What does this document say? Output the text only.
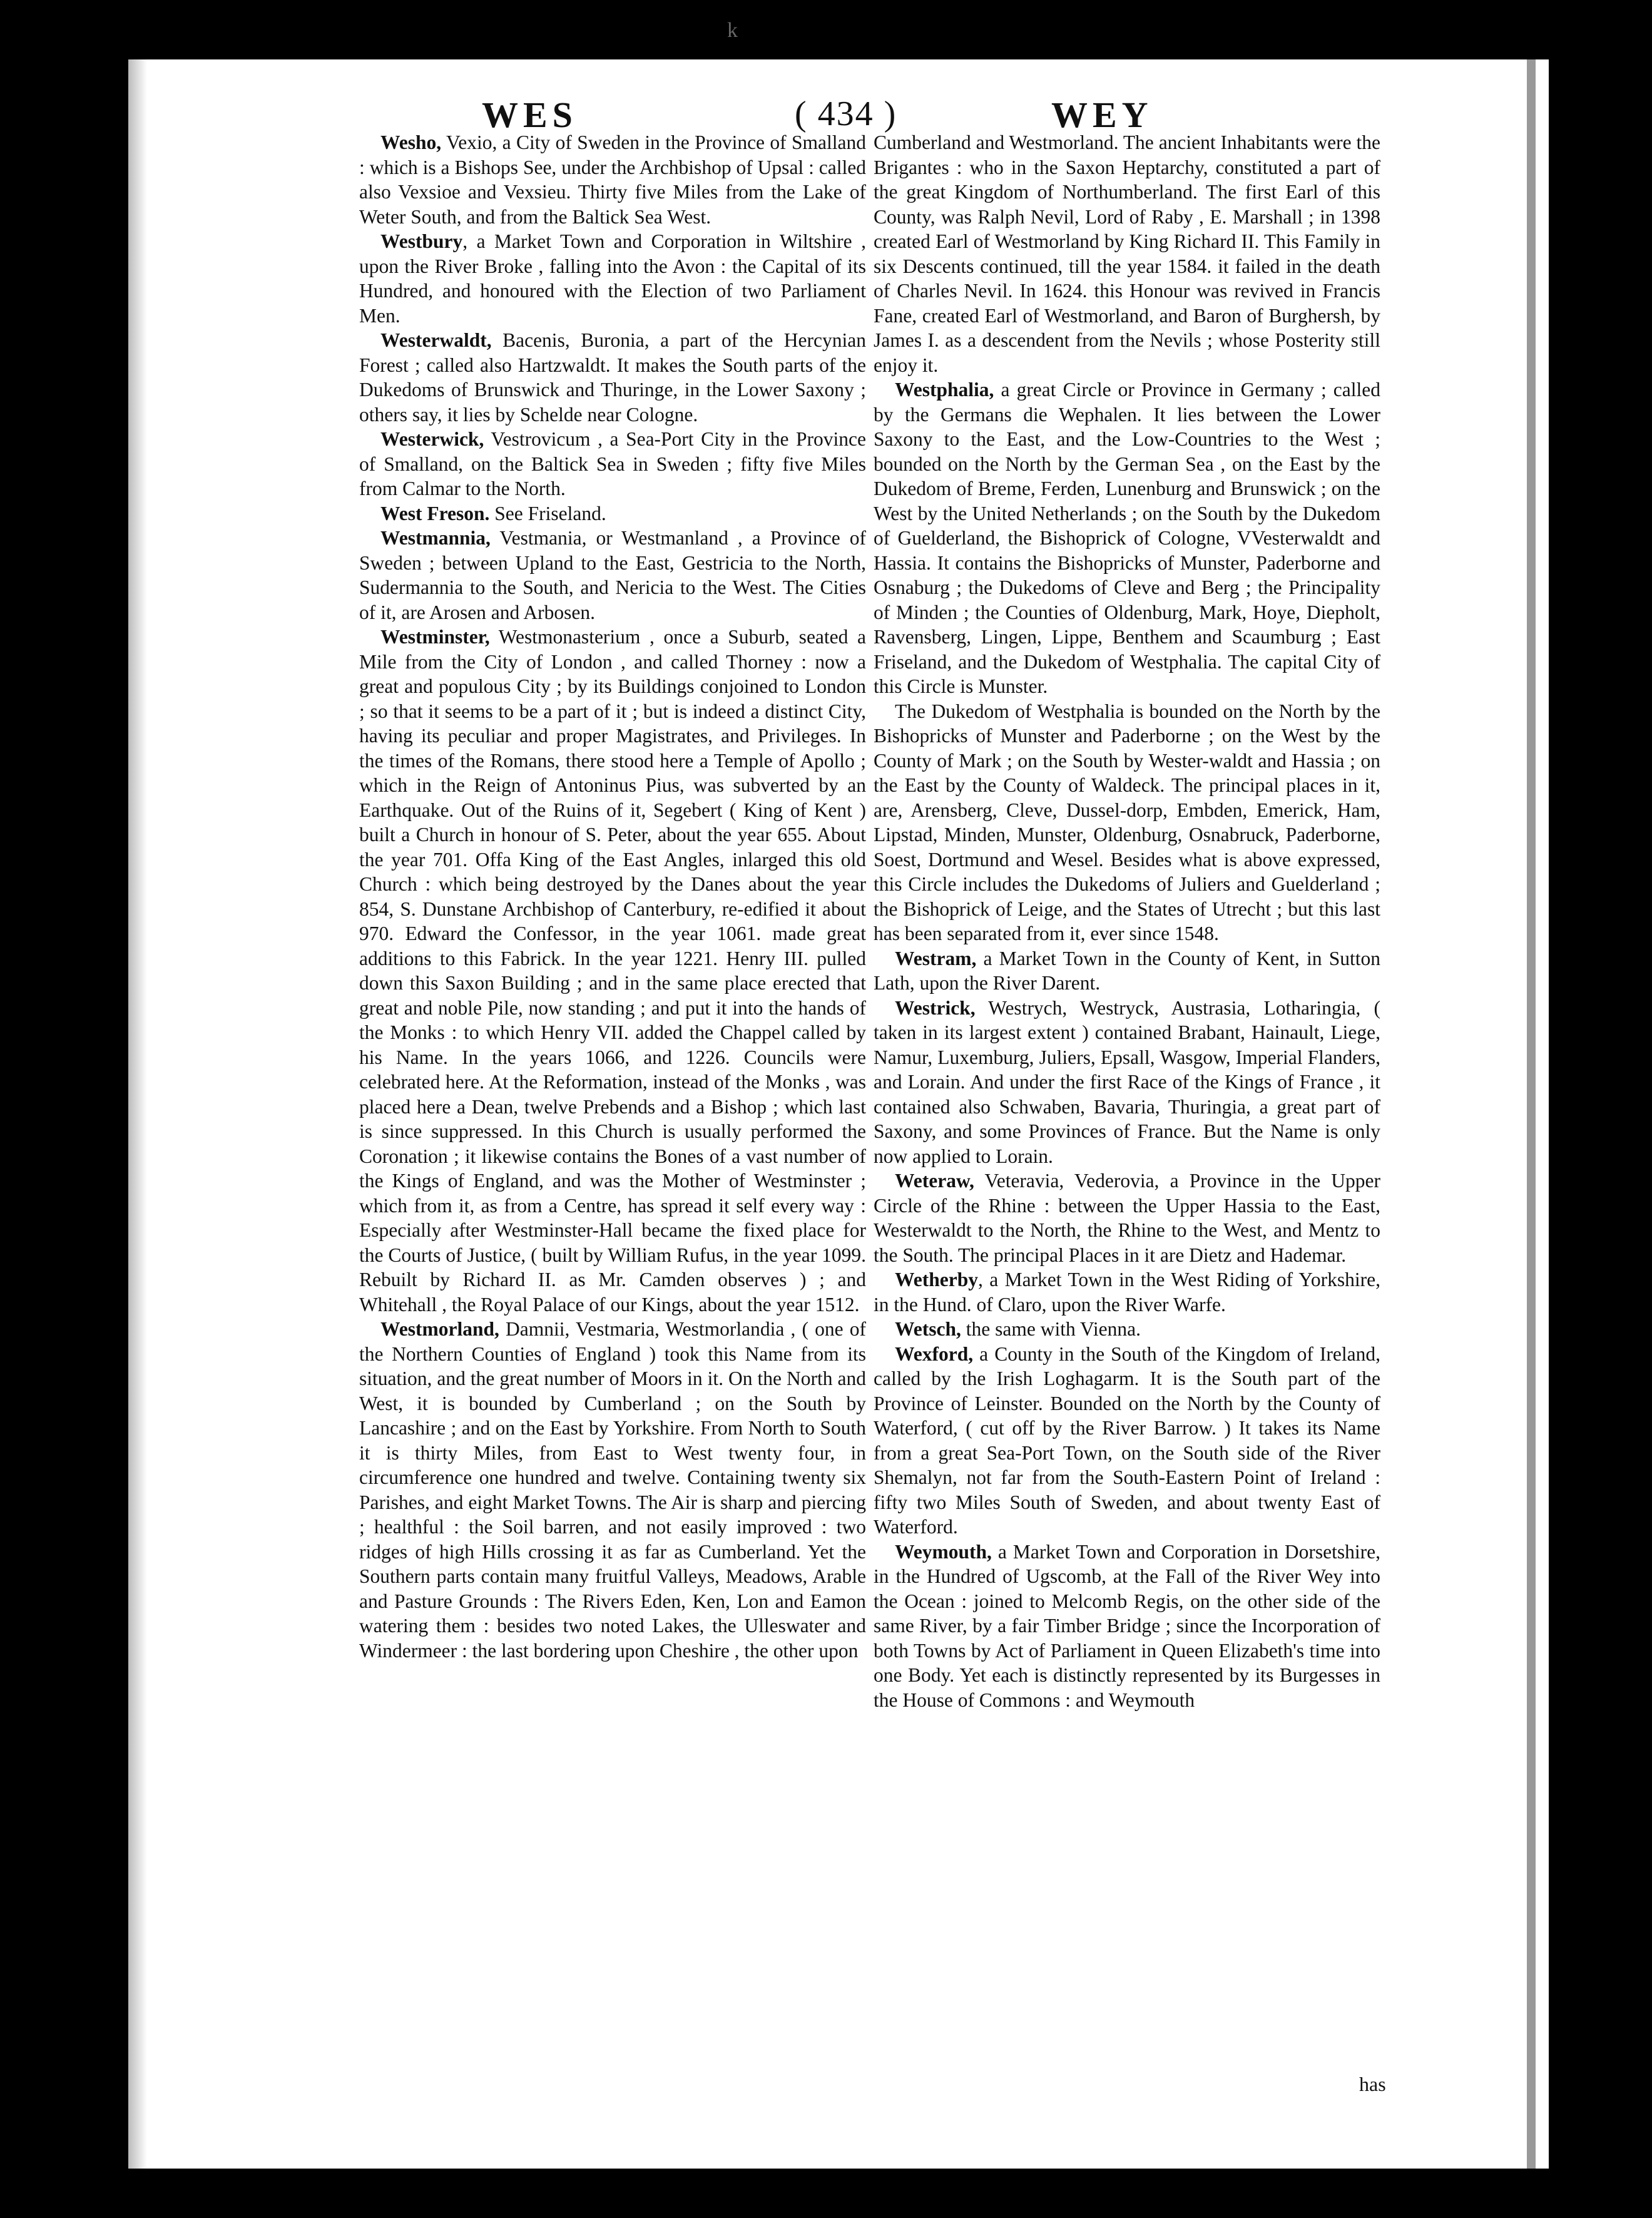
k
WES	( 434 )	WEY

Wesho, Vexio, a City of Sweden in the Province of Smalland : which is a Bishops See, under the Archbishop of Upsal : called also Vexsioe and Vexsieu. Thirty five Miles from the Lake of Weter South, and from the Baltick Sea West.

Westbury, a Market Town and Corporation in Wiltshire , upon the River Broke , falling into the Avon : the Capital of its Hundred, and honoured with the Election of two Parliament Men.

Westerwaldt, Bacenis, Buronia, a part of the Hercynian Forest ; called also Hartzwaldt. It makes the South parts of the Dukedoms of Brunswick and Thuringe, in the Lower Saxony ; others say, it lies by Schelde near Cologne.

Westerwick, Vestrovicum , a Sea-Port City in the Province of Smalland, on the Baltick Sea in Sweden ; fifty five Miles from Calmar to the North.

West Freson. See Friseland.

Westmannia, Vestmania, or Westmanland , a Province of Sweden ; between Upland to the East, Gestricia to the North, Sudermannia to the South, and Nericia to the West. The Cities of it, are Arosen and Arbosen.

Westminster, Westmonasterium , once a Suburb, seated a Mile from the City of London , and called Thorney : now a great and populous City ; by its Buildings conjoined to London ; so that it seems to be a part of it ; but is indeed a distinct City, having its peculiar and proper Magistrates, and Privileges. In the times of the Romans, there stood here a Temple of Apollo ; which in the Reign of Antoninus Pius, was subverted by an Earthquake. Out of the Ruins of it, Segebert ( King of Kent ) built a Church in honour of S. Peter, about the year 655. About the year 701. Offa King of the East Angles, inlarged this old Church : which being destroyed by the Danes about the year 854, S. Dunstane Archbishop of Canterbury, re-edified it about 970. Edward the Confessor, in the year 1061. made great additions to this Fabrick. In the year 1221. Henry III. pulled down this Saxon Building ; and in the same place erected that great and noble Pile, now standing ; and put it into the hands of the Monks : to which Henry VII. added the Chappel called by his Name. In the years 1066, and 1226. Councils were celebrated here. At the Reformation, instead of the Monks , was placed here a Dean, twelve Prebends and a Bishop ; which last is since suppressed. In this Church is usually performed the Coronation ; it likewise contains the Bones of a vast number of the Kings of England, and was the Mother of Westminster ; which from it, as from a Centre, has spread it self every way : Especially after Westminster-Hall became the fixed place for the Courts of Justice, ( built by William Rufus, in the year 1099. Rebuilt by Richard II. as Mr. Camden observes ) ; and Whitehall , the Royal Palace of our Kings, about the year 1512.

Westmorland, Damnii, Vestmaria, Westmorlandia , ( one of the Northern Counties of England ) took this Name from its situation, and the great number of Moors in it. On the North and West, it is bounded by Cumberland ; on the South by Lancashire ; and on the East by Yorkshire. From North to South it is thirty Miles, from East to West twenty four, in circumference one hundred and twelve. Containing twenty six Parishes, and eight Market Towns. The Air is sharp and piercing ; healthful : the Soil barren, and not easily improved : two ridges of high Hills crossing it as far as Cumberland. Yet the Southern parts contain many fruitful Valleys, Meadows, Arable and Pasture Grounds : The Rivers Eden, Ken, Lon and Eamon watering them : besides two noted Lakes, the Ulleswater and Windermeer : the last bordering upon Cheshire , the other upon

Cumberland and Westmorland. The ancient Inhabitants were the Brigantes : who in the Saxon Heptarchy, constituted a part of the great Kingdom of Northumberland. The first Earl of this County, was Ralph Nevil, Lord of Raby , E. Marshall ; in 1398 created Earl of Westmorland by King Richard II. This Family in six Descents continued, till the year 1584. it failed in the death of Charles Nevil. In 1624. this Honour was revived in Francis Fane, created Earl of Westmorland, and Baron of Burghersh, by James I. as a descendent from the Nevils ; whose Posterity still enjoy it.

Westphalia, a great Circle or Province in Germany ; called by the Germans die Wephalen. It lies between the Lower Saxony to the East, and the Low-Countries to the West ; bounded on the North by the German Sea , on the East by the Dukedom of Breme, Ferden, Lunenburg and Brunswick ; on the West by the United Netherlands ; on the South by the Dukedom of Guelderland, the Bishoprick of Cologne, VVesterwaldt and Hassia. It contains the Bishopricks of Munster, Paderborne and Osnaburg ; the Dukedoms of Cleve and Berg ; the Principality of Minden ; the Counties of Oldenburg, Mark, Hoye, Diepholt, Ravensberg, Lingen, Lippe, Benthem and Scaumburg ; East Friseland, and the Dukedom of Westphalia. The capital City of this Circle is Munster.

The Dukedom of Westphalia is bounded on the North by the Bishopricks of Munster and Paderborne ; on the West by the County of Mark ; on the South by Wester-waldt and Hassia ; on the East by the County of Waldeck. The principal places in it, are, Arensberg, Cleve, Dussel-dorp, Embden, Emerick, Ham, Lipstad, Minden, Munster, Oldenburg, Osnabruck, Paderborne, Soest, Dortmund and Wesel. Besides what is above expressed, this Circle includes the Dukedoms of Juliers and Guelderland ; the Bishoprick of Leige, and the States of Utrecht ; but this last has been separated from it, ever since 1548.

Westram, a Market Town in the County of Kent, in Sutton Lath, upon the River Darent.

Westrick, Westrych, Westryck, Austrasia, Lotharingia, ( taken in its largest extent ) contained Brabant, Hainault, Liege, Namur, Luxemburg, Juliers, Epsall, Wasgow, Imperial Flanders, and Lorain. And under the first Race of the Kings of France , it contained also Schwaben, Bavaria, Thuringia, a great part of Saxony, and some Provinces of France. But the Name is only now applied to Lorain.

Weteraw, Veteravia, Vederovia, a Province in the Upper Circle of the Rhine : between the Upper Hassia to the East, Westerwaldt to the North, the Rhine to the West, and Mentz to the South. The principal Places in it are Dietz and Hademar.

Wetherby, a Market Town in the West Riding of Yorkshire, in the Hund. of Claro, upon the River Warfe.

Wetsch, the same with Vienna.

Wexford, a County in the South of the Kingdom of Ireland, called by the Irish Loghagarm. It is the South part of the Province of Leinster. Bounded on the North by the County of Waterford, ( cut off by the River Barrow. ) It takes its Name from a great Sea-Port Town, on the South side of the River Shemalyn, not far from the South-Eastern Point of Ireland : fifty two Miles South of Sweden, and about twenty East of Waterford.

Weymouth, a Market Town and Corporation in Dorsetshire, in the Hundred of Ugscomb, at the Fall of the River Wey into the Ocean : joined to Melcomb Regis, on the other side of the same River, by a fair Timber Bridge ; since the Incorporation of both Towns by Act of Parliament in Queen Elizabeth's time into one Body. Yet each is distinctly represented by its Burgesses in the House of Commons : and Weymouth

has
